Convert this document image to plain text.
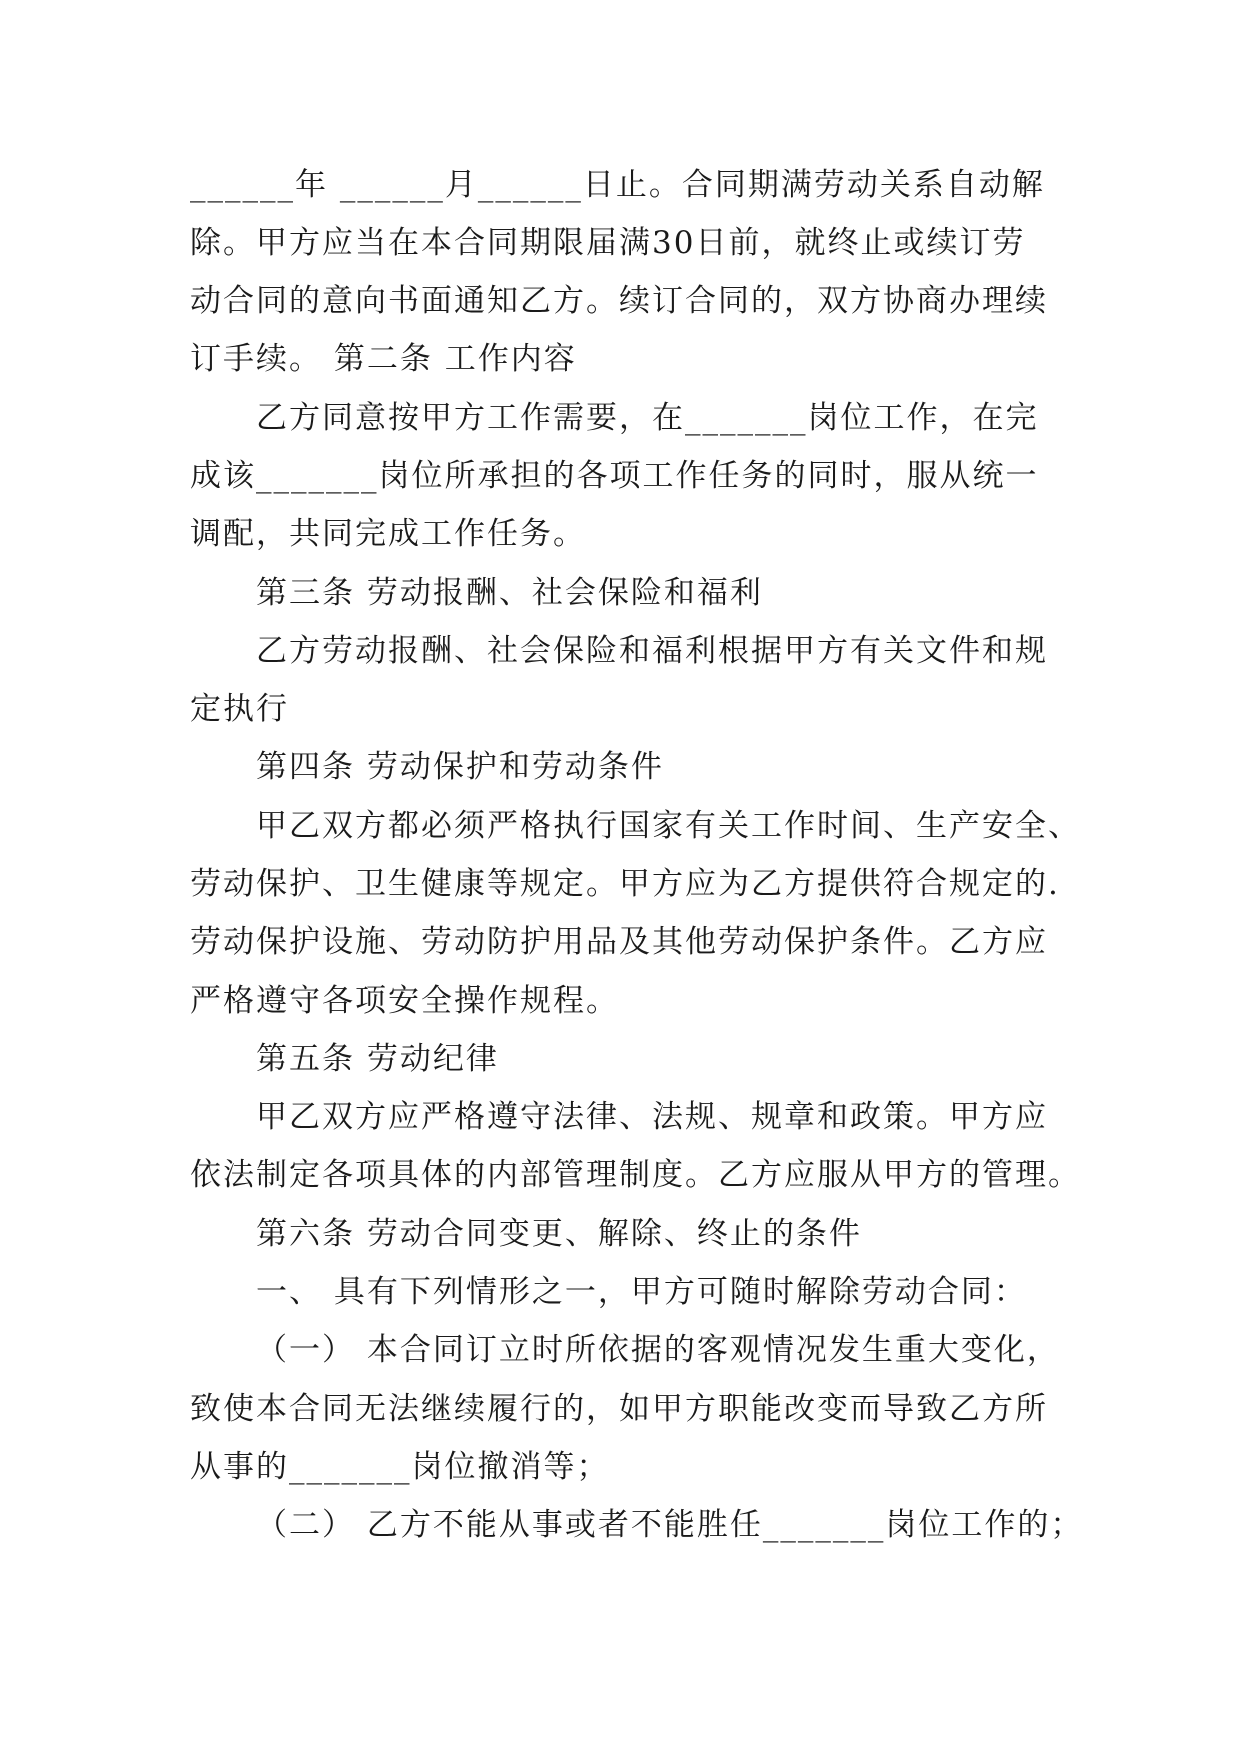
______年 ______月______日止。合同期满劳动关系自动解
除。甲方应当在本合同期限届满30日前，就终止或续订劳
动合同的意向书面通知乙方。续订合同的，双方协商办理续
订手续。 第二条 工作内容
乙方同意按甲方工作需要，在_______岗位工作，在完
成该_______岗位所承担的各项工作任务的同时，服从统一
调配，共同完成工作任务。
第三条 劳动报酬、社会保险和福利
乙方劳动报酬、社会保险和福利根据甲方有关文件和规
定执行
第四条 劳动保护和劳动条件
甲乙双方都必须严格执行国家有关工作时间、生产安全、
劳动保护、卫生健康等规定。甲方应为乙方提供符合规定的.
劳动保护设施、劳动防护用品及其他劳动保护条件。乙方应
严格遵守各项安全操作规程。
第五条 劳动纪律
甲乙双方应严格遵守法律、法规、规章和政策。甲方应
依法制定各项具体的内部管理制度。乙方应服从甲方的管理。
第六条 劳动合同变更、解除、终止的条件
一、 具有下列情形之一，甲方可随时解除劳动合同：
（一） 本合同订立时所依据的客观情况发生重大变化，
致使本合同无法继续履行的，如甲方职能改变而导致乙方所
从事的_______岗位撤消等；
（二） 乙方不能从事或者不能胜任_______岗位工作的；
